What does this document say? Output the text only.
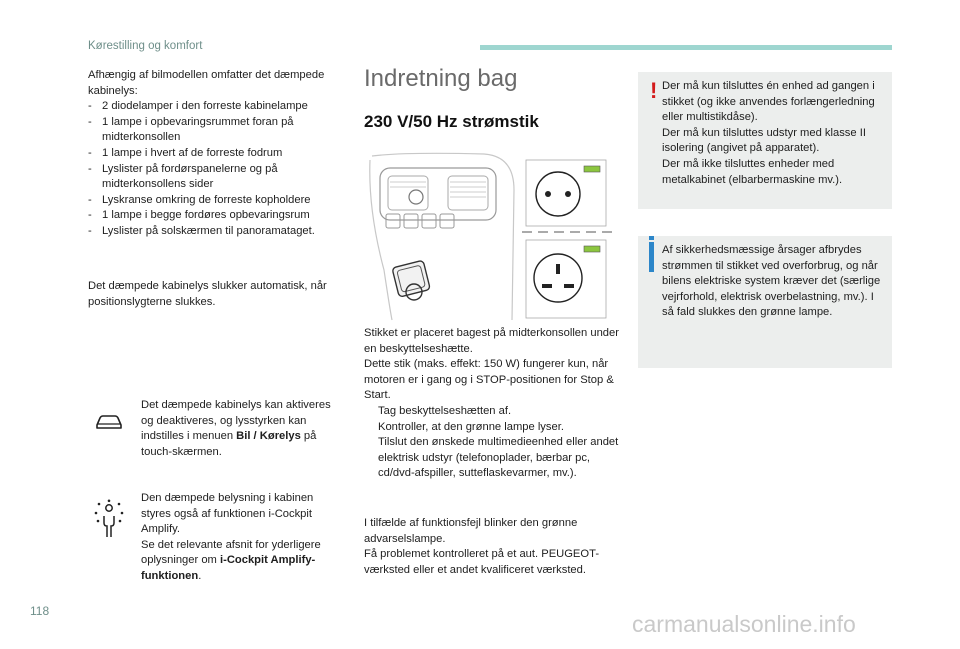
Kørestilling og komfort

Afhængig af bilmodellen omfatter det dæmpede kabinelys:

- 2 diodelamper i den forreste kabinelampe
- 1 lampe i opbevaringsrummet foran på midterkonsollen
- 1 lampe i hvert af de forreste fodrum
- Lyslister på fordørspanelerne og på midterkonsollens sider
- Lyskranse omkring de forreste kopholdere
- 1 lampe i begge fordøres opbevaringsrum
- Lyslister på solskærmen til panoramataget.

Det dæmpede kabinelys slukker automatisk, når positionslygterne slukkes.

Det dæmpede kabinelys kan aktiveres og deaktiveres, og lysstyrken kan indstilles i menuen Bil / Kørelys på touch-skærmen.

Den dæmpede belysning i kabinen styres også af funktionen i-Cockpit Amplify.

Se det relevante afsnit for yderligere oplysninger om i-Cockpit Amplify-funktionen.

Indretning bag
230 V/50 Hz strømstik

Stikket er placeret bagest på midterkonsollen under en beskyttelseshætte.

Dette stik (maks. effekt: 150 W) fungerer kun, når motoren er i gang og i STOP-positionen for Stop & Start.

Tag beskyttelseshætten af.

Kontroller, at den grønne lampe lyser.

Tilslut den ønskede multimedieenhed eller andet elektrisk udstyr (telefonoplader, bærbar pc, cd/dvd-afspiller, sutteflaskevarmer, mv.).

I tilfælde af funktionsfejl blinker den grønne advarselslampe.

Få problemet kontrolleret på et aut. PEUGEOT-værksted eller et andet kvalificeret værksted.

! Der må kun tilsluttes én enhed ad gangen i stikket (og ikke anvendes forlængerledning eller multistikdåse).

Der må kun tilsluttes udstyr med klasse II isolering (angivet på apparatet).

Der må ikke tilsluttes enheder med metalkabinet (elbarbermaskine mv.).

Af sikkerhedsmæssige årsager afbrydes strømmen til stikket ved overforbrug, og når bilens elektriske system kræver det (særlige vejrforhold, elektrisk overbelastning, mv.). I så fald slukkes den grønne lampe.

118	carmanualsonline.info
